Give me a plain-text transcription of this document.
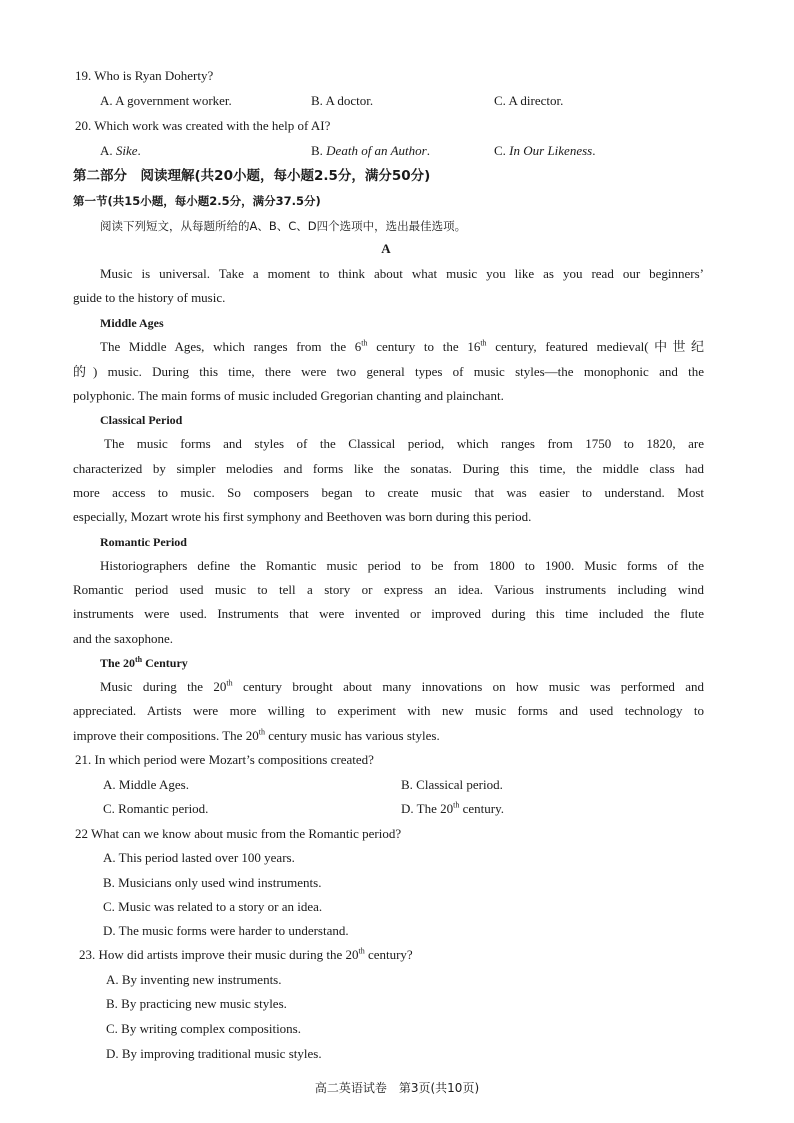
19. Who is Ryan Doherty?
A. A government worker.	B. A doctor.	C. A director.
20. Which work was created with the help of AI?
A. Sike.	B. Death of an Author.	C. In Our Likeness.
第二部分　阅读理解(共20小题，每小题2.5分，满分50分)
第一节(共15小题，每小题2.5分，满分37.5分)
阅读下列短文，从每题所给的A、B、C、D四个选项中，选出最佳选项。
A
Music is universal. Take a moment to think about what music you like as you read our beginners’
guide to the history of music.
Middle Ages
The Middle Ages, which ranges from the 6th century to the 16th century, featured medieval(中世纪
的) music. During this time, there were two general types of music styles—the monophonic and the
polyphonic. The main forms of music included Gregorian chanting and plainchant.
Classical Period
The music forms and styles of the Classical period, which ranges from 1750 to 1820, are
characterized by simpler melodies and forms like the sonatas. During this time, the middle class had
more access to music. So composers began to create music that was easier to understand. Most
especially, Mozart wrote his first symphony and Beethoven was born during this period.
Romantic Period
Historiographers define the Romantic music period to be from 1800 to 1900. Music forms of the
Romantic period used music to tell a story or express an idea. Various instruments including wind
instruments were used. Instruments that were invented or improved during this time included the flute
and the saxophone.
The 20th Century
Music during the 20th century brought about many innovations on how music was performed and
appreciated. Artists were more willing to experiment with new music forms and used technology to
improve their compositions. The 20th century music has various styles.
21. In which period were Mozart’s compositions created?
A. Middle Ages.	B. Classical period.
C. Romantic period.	D. The 20th century.
22 What can we know about music from the Romantic period?
A. This period lasted over 100 years.
B. Musicians only used wind instruments.
C. Music was related to a story or an idea.
D. The music forms were harder to understand.
23. How did artists improve their music during the 20th century?
A. By inventing new instruments.
B. By practicing new music styles.
C. By writing complex compositions.
D. By improving traditional music styles.
高二英语试卷　第3页(共10页)
